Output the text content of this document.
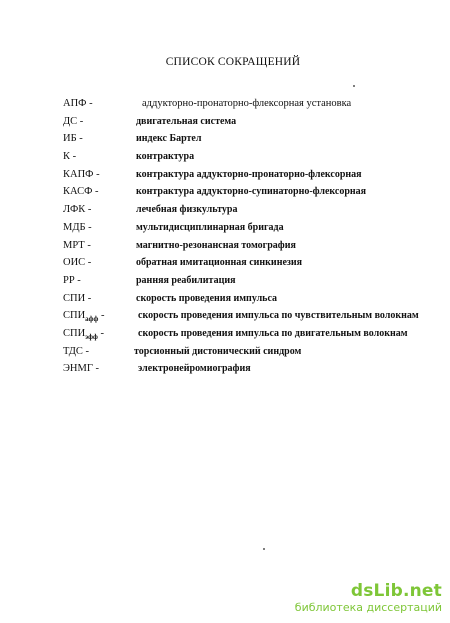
СПИСОК СОКРАЩЕНИЙ
АПФ -	аддукторно-пронаторно-флексорная установка
ДС -	двигательная система
ИБ -	индекс Бартел
К -	контрактура
КАПФ -	контрактура аддукторно-пронаторно-флексорная
КАСФ -	контрактура аддукторно-супинаторно-флексорная
ЛФК -	лечебная физкультура
МДБ -	мультидисциплинарная бригада
МРТ -	магнитно-резонансная томография
ОИС -	обратная имитационная синкинезия
РР -	ранняя реабилитация
СПИ -	скорость проведения импульса
$СПИ_{афф}$ -	скорость проведения импульса по чувствительным волокнам
$СПИ_{эфф}$ -	скорость проведения импульса по двигательным волокнам
ТДС -	торсионный дистонический синдром
ЭНМГ -	электронейромиография
dsLib.net
библиотека диссертаций
